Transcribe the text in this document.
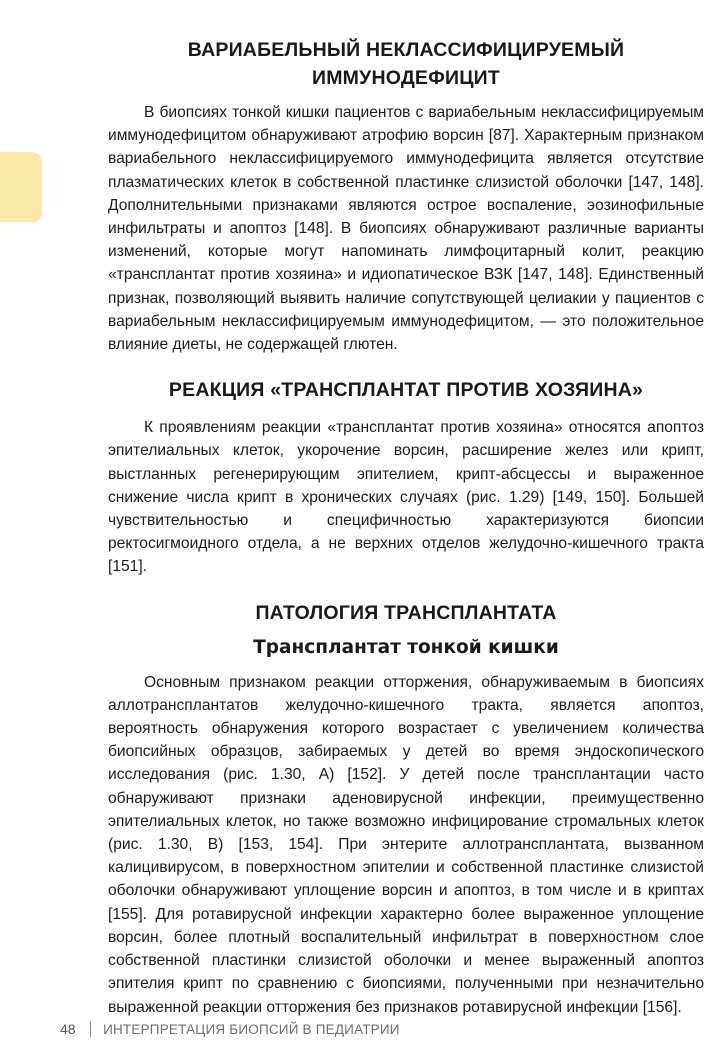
ВАРИАБЕЛЬНЫЙ НЕКЛАССИФИЦИРУЕМЫЙ
ИММУНОДЕФИЦИТ

В биопсиях тонкой кишки пациентов с вариабельным неклассифицируемым иммунодефицитом обнаруживают атрофию ворсин [87]. Характерным признаком вариабельного неклассифицируемого иммунодефицита является отсутствие плазматических клеток в собственной пластинке слизистой оболочки [147, 148]. Дополнительными признаками являются острое воспаление, эозинофильные инфильтраты и апоптоз [148]. В биопсиях обнаруживают различные варианты изменений, которые могут напоминать лимфоцитарный колит, реакцию «трансплантат против хозяина» и идиопатическое ВЗК [147, 148]. Единственный признак, позволяющий выявить наличие сопутствующей целиакии у пациентов с вариабельным неклассифицируемым иммунодефицитом, — это положительное влияние диеты, не содержащей глютен.

РЕАКЦИЯ «ТРАНСПЛАНТАТ ПРОТИВ ХОЗЯИНА»

К проявлениям реакции «трансплантат против хозяина» относятся апоптоз эпителиальных клеток, укорочение ворсин, расширение желез или крипт, выстланных регенерирующим эпителием, крипт-абсцессы и выраженное снижение числа крипт в хронических случаях (рис. 1.29) [149, 150]. Большей чувствительностью и специфичностью характеризуются биопсии ректосигмоидного отдела, а не верхних отделов желудочно-кишечного тракта [151].

ПАТОЛОГИЯ ТРАНСПЛАНТАТА
Трансплантат тонкой кишки

Основным признаком реакции отторжения, обнаруживаемым в биопсиях аллотрансплантатов желудочно-кишечного тракта, является апоптоз, вероятность обнаружения которого возрастает с увеличением количества биопсийных образцов, забираемых у детей во время эндоскопического исследования (рис. 1.30, А) [152]. У детей после трансплантации часто обнаруживают признаки аденовирусной инфекции, преимущественно эпителиальных клеток, но также возможно инфицирование стромальных клеток (рис. 1.30, В) [153, 154]. При энтерите аллотрансплантата, вызванном калицивирусом, в поверхностном эпителии и собственной пластинке слизистой оболочки обнаруживают уплощение ворсин и апоптоз, в том числе и в криптах [155]. Для ротавирусной инфекции характерно более выраженное уплощение ворсин, более плотный воспалительный инфильтрат в поверхностном слое собственной пластинки слизистой оболочки и менее выраженный апоптоз эпителия крипт по сравнению с биопсиями, полученными при незначительно выраженной реакции отторжения без признаков ротавирусной инфекции [156].

48 ИНТЕРПРЕТАЦИЯ БИОПСИЙ В ПЕДИАТРИИ
